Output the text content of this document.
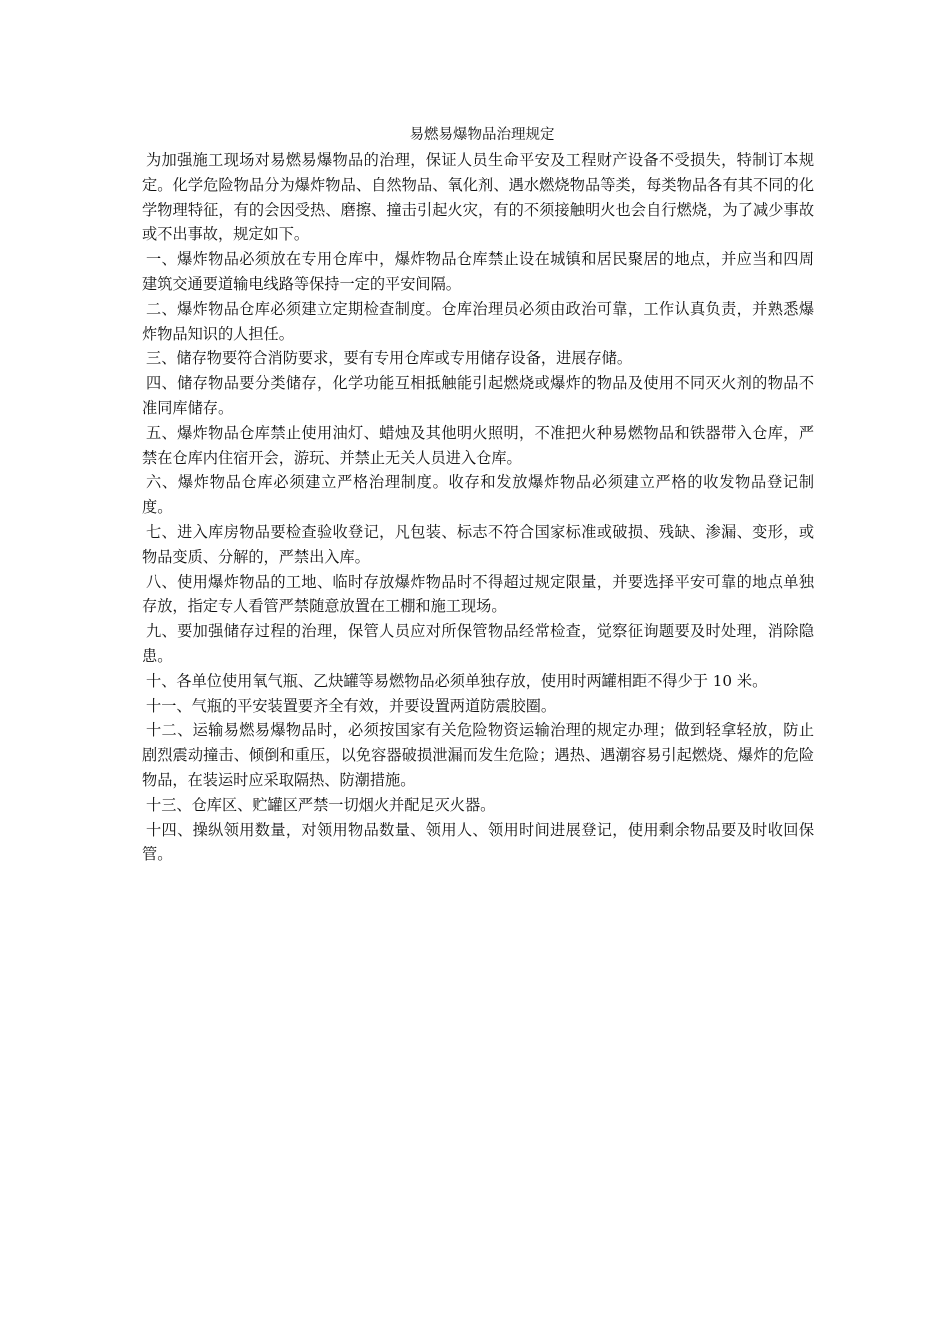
易燃易爆物品治理规定

为加强施工现场对易燃易爆物品的治理，保证人员生命平安及工程财产设备不受损失，特制订本规定。化学危险物品分为爆炸物品、自然物品、氧化剂、遇水燃烧物品等类，每类物品各有其不同的化学物理特征，有的会因受热、磨擦、撞击引起火灾，有的不须接触明火也会自行燃烧，为了减少事故或不出事故，规定如下。

一、爆炸物品必须放在专用仓库中，爆炸物品仓库禁止设在城镇和居民聚居的地点，并应当和四周建筑交通要道输电线路等保持一定的平安间隔。

二、爆炸物品仓库必须建立定期检查制度。仓库治理员必须由政治可靠，工作认真负责，并熟悉爆炸物品知识的人担任。

三、储存物要符合消防要求，要有专用仓库或专用储存设备，进展存储。

四、储存物品要分类储存，化学功能互相抵触能引起燃烧或爆炸的物品及使用不同灭火剂的物品不准同库储存。

五、爆炸物品仓库禁止使用油灯、蜡烛及其他明火照明，不准把火种易燃物品和铁器带入仓库，严禁在仓库内住宿开会，游玩、并禁止无关人员进入仓库。

六、爆炸物品仓库必须建立严格治理制度。收存和发放爆炸物品必须建立严格的收发物品登记制度。

七、进入库房物品要检查验收登记，凡包装、标志不符合国家标准或破损、残缺、渗漏、变形，或物品变质、分解的，严禁出入库。

八、使用爆炸物品的工地、临时存放爆炸物品时不得超过规定限量，并要选择平安可靠的地点单独存放，指定专人看管严禁随意放置在工棚和施工现场。

九、要加强储存过程的治理，保管人员应对所保管物品经常检查，觉察征询题要及时处理，消除隐患。

十、各单位使用氧气瓶、乙炔罐等易燃物品必须单独存放，使用时两罐相距不得少于 10 米。

十一、气瓶的平安装置要齐全有效，并要设置两道防震胶圈。

十二、运输易燃易爆物品时，必须按国家有关危险物资运输治理的规定办理；做到轻拿轻放，防止剧烈震动撞击、倾倒和重压，以免容器破损泄漏而发生危险；遇热、遇潮容易引起燃烧、爆炸的危险物品，在装运时应采取隔热、防潮措施。

十三、仓库区、贮罐区严禁一切烟火并配足灭火器。

十四、操纵领用数量，对领用物品数量、领用人、领用时间进展登记，使用剩余物品要及时收回保管。
